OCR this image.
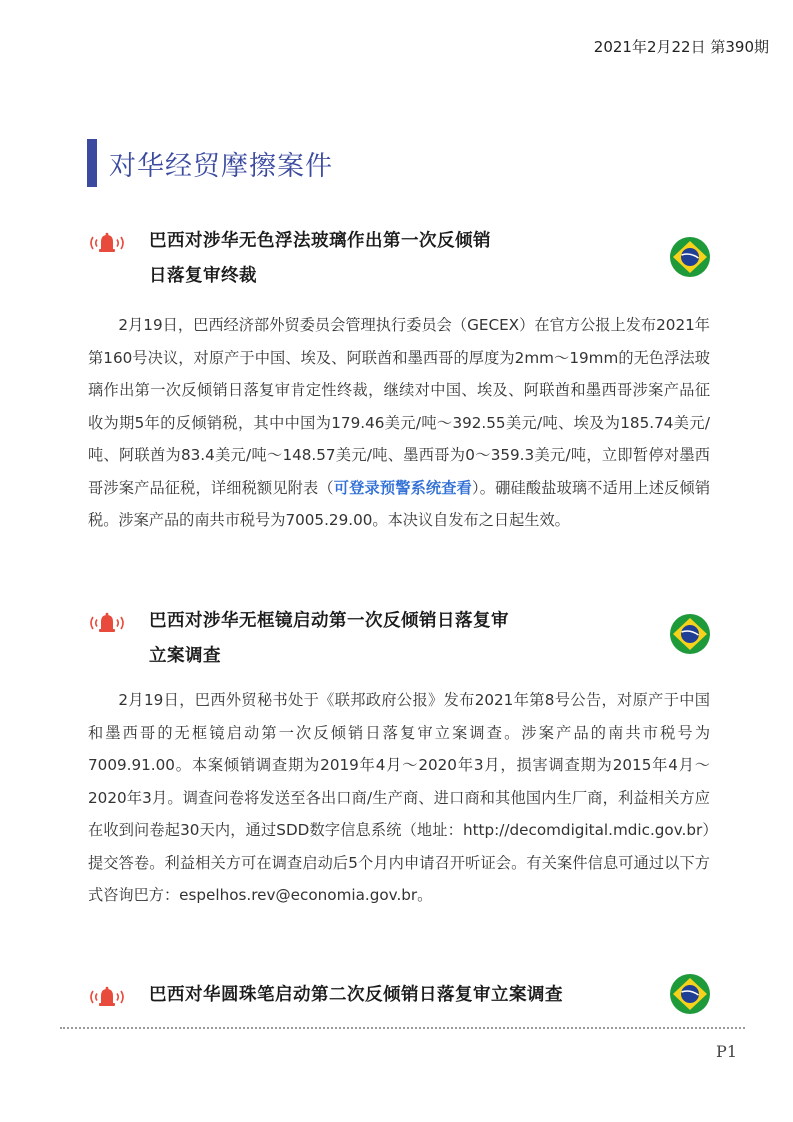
2021年2月22日 第390期
对华经贸摩擦案件
巴西对涉华无色浮法玻璃作出第一次反倾销
日落复审终裁

2月19日，巴西经济部外贸委员会管理执行委员会（GECEX）在官方公报上发布2021年第160号决议，对原产于中国、埃及、阿联酋和墨西哥的厚度为2mm～19mm的无色浮法玻璃作出第一次反倾销日落复审肯定性终裁，继续对中国、埃及、阿联酋和墨西哥涉案产品征收为期5年的反倾销税，其中中国为179.46美元/吨～392.55美元/吨、埃及为185.74美元/吨、阿联酋为83.4美元/吨～148.57美元/吨、墨西哥为0～359.3美元/吨，立即暂停对墨西哥涉案产品征税，详细税额见附表（可登录预警系统查看）。硼硅酸盐玻璃不适用上述反倾销税。涉案产品的南共市税号为7005.29.00。本决议自发布之日起生效。

巴西对涉华无框镜启动第一次反倾销日落复审
立案调查

2月19日，巴西外贸秘书处于《联邦政府公报》发布2021年第8号公告，对原产于中国和墨西哥的无框镜启动第一次反倾销日落复审立案调查。涉案产品的南共市税号为7009.91.00。本案倾销调查期为2019年4月～2020年3月，损害调查期为2015年4月～2020年3月。调查问卷将发送至各出口商/生产商、进口商和其他国内生厂商，利益相关方应在收到问卷起30天内，通过SDD数字信息系统（地址：http://decomdigital.mdic.gov.br）提交答卷。利益相关方可在调查启动后5个月内申请召开听证会。有关案件信息可通过以下方式咨询巴方：espelhos.rev@economia.gov.br。

巴西对华圆珠笔启动第二次反倾销日落复审立案调查
P1
